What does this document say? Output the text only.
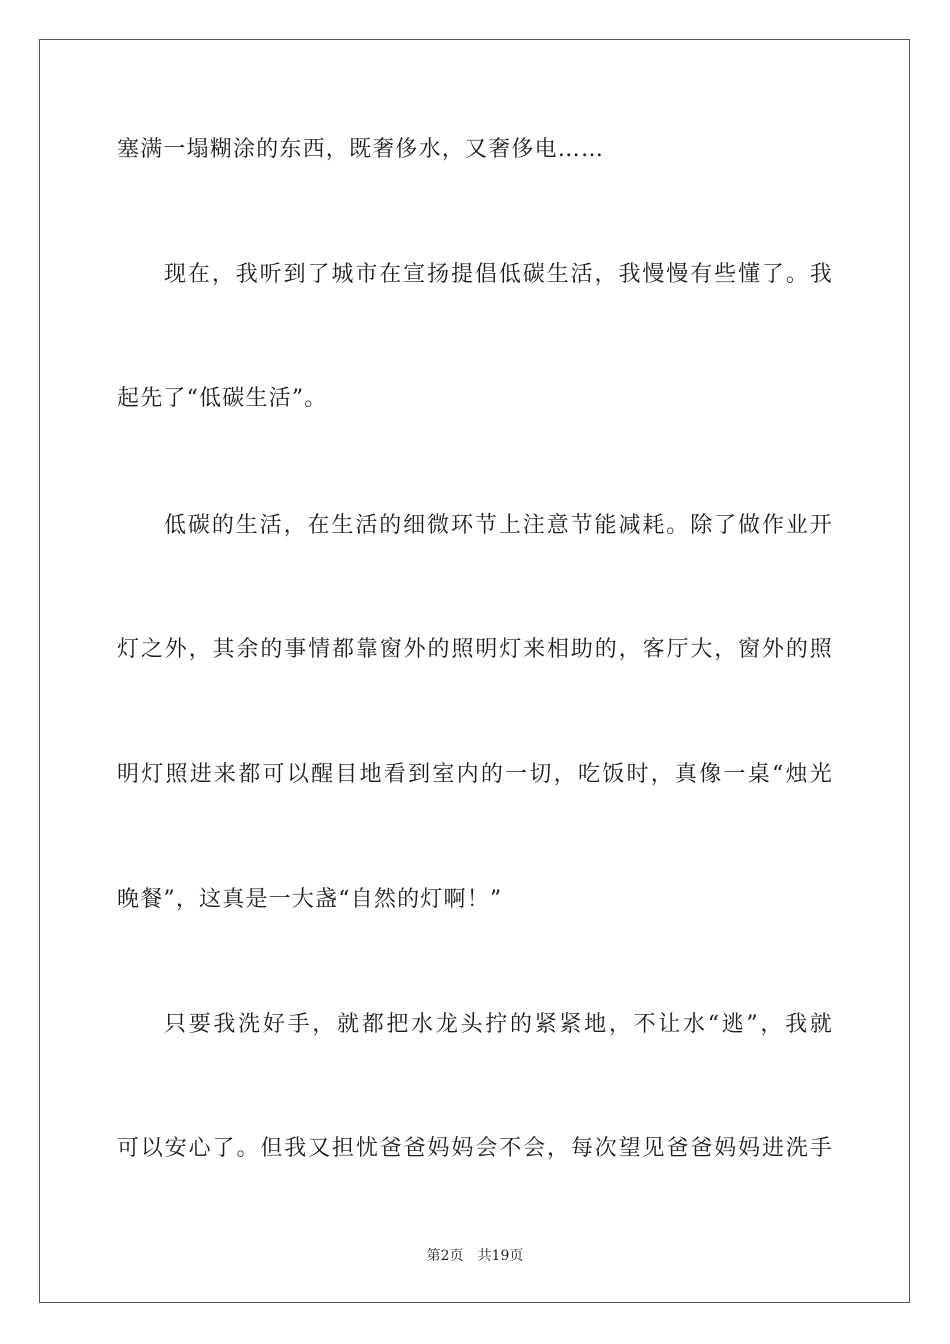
塞满一塌糊涂的东西，既奢侈水，又奢侈电……
现在，我听到了城市在宣扬提倡低碳生活，我慢慢有些懂了。我
起先了“低碳生活”。
低碳的生活，在生活的细微环节上注意节能减耗。除了做作业开
灯之外，其余的事情都靠窗外的照明灯来相助的，客厅大，窗外的照
明灯照进来都可以醒目地看到室内的一切，吃饭时，真像一桌“烛光
晚餐”，这真是一大盏“自然的灯啊！”
只要我洗好手，就都把水龙头拧的紧紧地，不让水“逃”，我就
可以安心了。但我又担忧爸爸妈妈会不会，每次望见爸爸妈妈进洗手
第2页 共19页
